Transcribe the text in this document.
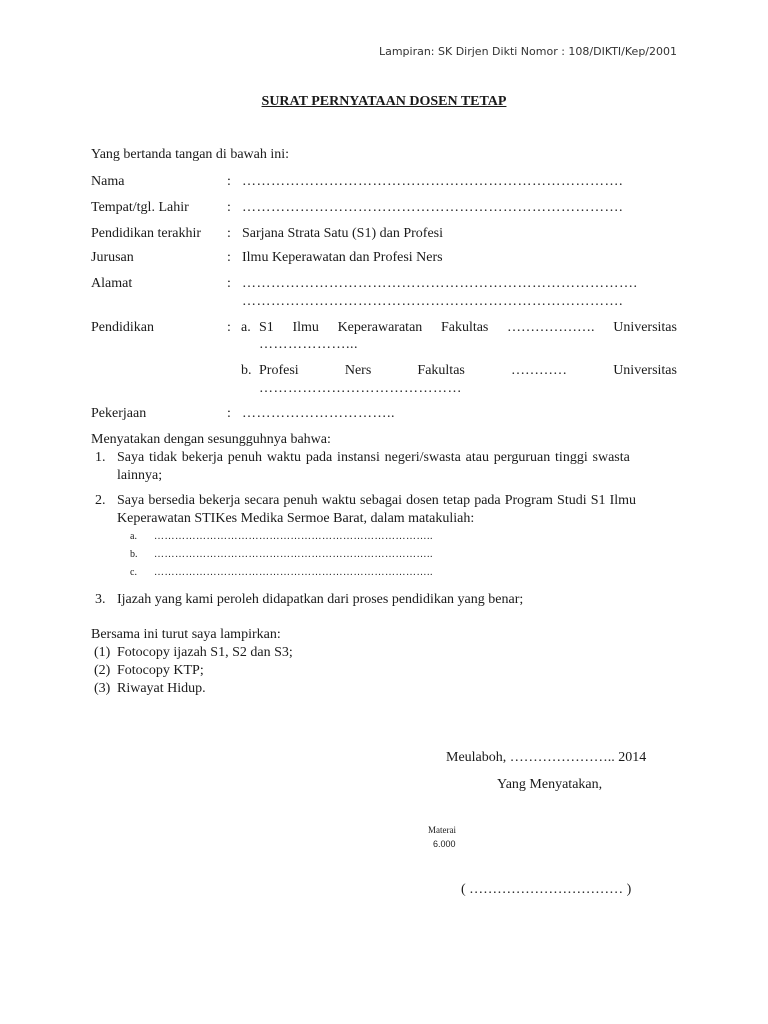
Lampiran: SK Dirjen Dikti Nomor : 108/DIKTI/Kep/2001
SURAT PERNYATAAN DOSEN TETAP
Yang bertanda tangan di bawah ini:
Nama	: …………………………………………………………………….
Tempat/tgl. Lahir	: …………………………………………………………………….
Pendidikan terakhir : Sarjana Strata Satu (S1) dan Profesi
Jurusan	: Ilmu Keperawatan dan Profesi Ners
Alamat	: ……………………………………………………………………….
…………………………………………………………………….
Pendidikan	: a. S1 Ilmu Keperawaratan Fakultas ………………. Universitas
………………...
b. Profesi	Ners	Fakultas	…………	Universitas
……………………………………
Pekerjaan	: …………………………..
Menyatakan dengan sesungguhnya bahwa:
1. Saya tidak bekerja penuh waktu pada instansi negeri/swasta atau perguruan tinggi swasta
lainnya;
2. Saya bersedia bekerja secara penuh waktu sebagai dosen tetap pada Program Studi S1 Ilmu
Keperawatan STIKes Medika Sermoe Barat, dalam matakuliah:
a. ……………………………………………………………………..
b. ……………………………………………………………………..
c. ……………………………………………………………………..
3. Ijazah yang kami peroleh didapatkan dari proses pendidikan yang benar;
Bersama ini turut saya lampirkan:
(1) Fotocopy ijazah S1, S2 dan S3;
(2) Fotocopy KTP;
(3) Riwayat Hidup.
Meulaboh, ………………….. 2014
Yang Menyatakan,
Materai
6.000
( …………………………… )
